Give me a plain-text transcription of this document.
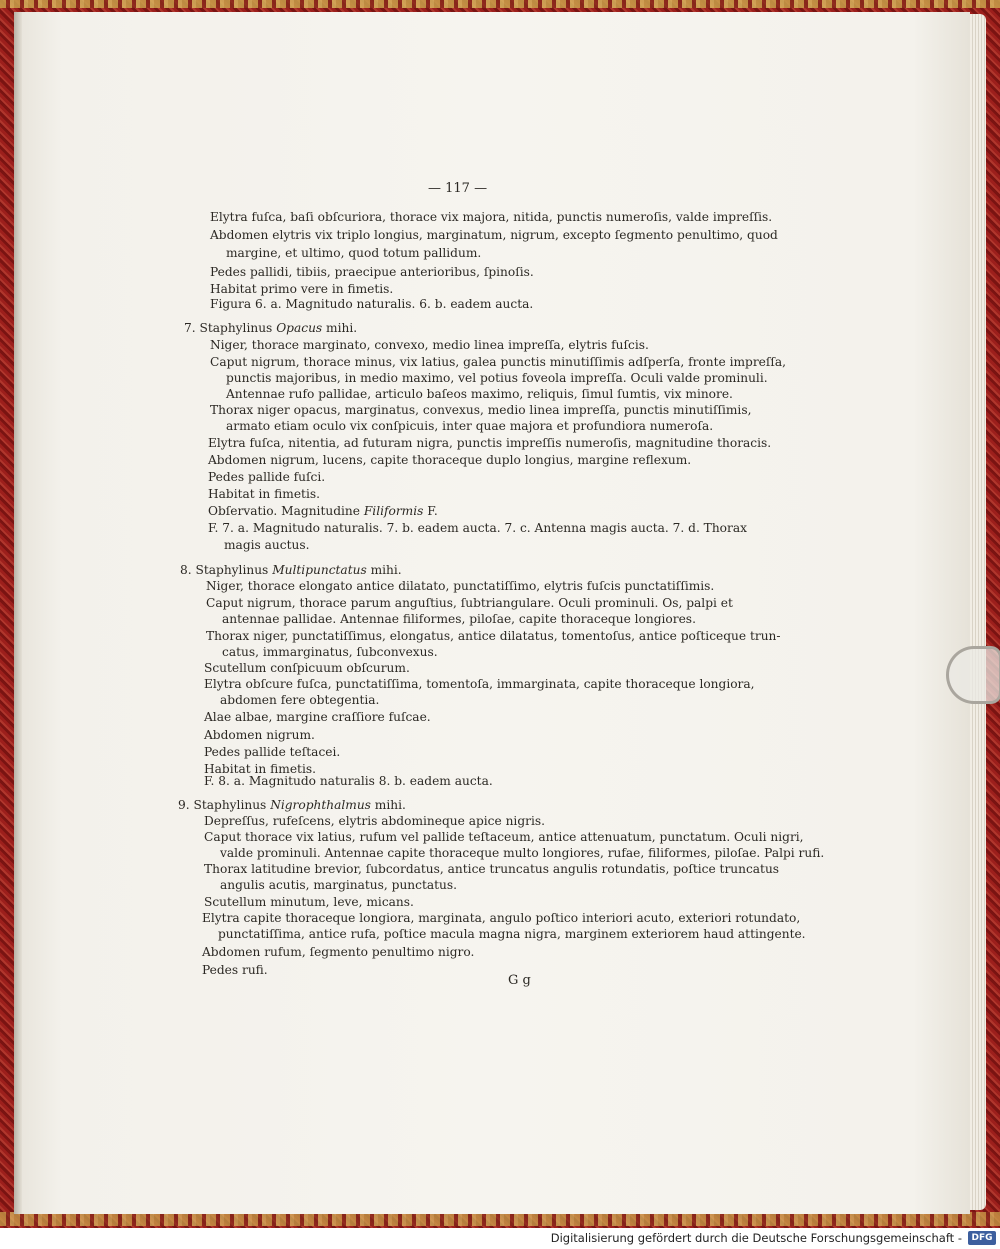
— 117 —
Elytra fuſca, baſi obſcuriora, thorace vix majora, nitida, punctis numeroſis, valde impreſſis.
Abdomen elytris vix triplo longius, marginatum, nigrum, excepto ſegmento penultimo, quod
margine, et ultimo, quod totum pallidum.
Pedes pallidi, tibiis, praecipue anterioribus, ſpinoſis.
Habitat primo vere in fimetis.
Figura 6. a. Magnitudo naturalis. 6. b. eadem aucta.
7. Staphylinus Opacus mihi.
Niger, thorace marginato, convexo, medio linea impreſſa, elytris fuſcis.
Caput nigrum, thorace minus, vix latius, galea punctis minutiſſimis adſperſa, fronte impreſſa,
punctis majoribus, in medio maximo, vel potius foveola impreſſa. Oculi valde prominuli.
Antennae rufo pallidae, articulo baſeos maximo, reliquis, ſimul ſumtis, vix minore.
Thorax niger opacus, marginatus, convexus, medio linea impreſſa, punctis minutiſſimis,
armato etiam oculo vix conſpicuis, inter quae majora et profundiora numeroſa.
Elytra fuſca, nitentia, ad futuram nigra, punctis impreſſis numeroſis, magnitudine thoracis.
Abdomen nigrum, lucens, capite thoraceque duplo longius, margine reflexum.
Pedes pallide fuſci.
Habitat in fimetis.
Obſervatio. Magnitudine Filiformis F.
F. 7. a. Magnitudo naturalis. 7. b. eadem aucta. 7. c. Antenna magis aucta. 7. d. Thorax
magis auctus.
8. Staphylinus Multipunctatus mihi.
Niger, thorace elongato antice dilatato, punctatiſſimo, elytris fuſcis punctatiſſimis.
Caput nigrum, thorace parum anguſtius, ſubtriangulare. Oculi prominuli. Os, palpi et
antennae pallidae. Antennae filiformes, piloſae, capite thoraceque longiores.
Thorax niger, punctatiſſimus, elongatus, antice dilatatus, tomentoſus, antice poſticeque trun-
catus, immarginatus, ſubconvexus.
Scutellum conſpicuum obſcurum.
Elytra obſcure fuſca, punctatiſſima, tomentoſa, immarginata, capite thoraceque longiora,
abdomen fere obtegentia.
Alae albae, margine craſſiore fuſcae.
Abdomen nigrum.
Pedes pallide teſtacei.
Habitat in fimetis.
F. 8. a. Magnitudo naturalis 8. b. eadem aucta.
9. Staphylinus Nigrophthalmus mihi.
Depreſſus, rufeſcens, elytris abdomineque apice nigris.
Caput thorace vix latius, rufum vel pallide teſtaceum, antice attenuatum, punctatum. Oculi nigri,
valde prominuli. Antennae capite thoraceque multo longiores, rufae, filiformes, piloſae. Palpi rufi.
Thorax latitudine brevior, ſubcordatus, antice truncatus angulis rotundatis, poſtice truncatus
angulis acutis, marginatus, punctatus.
Scutellum minutum, leve, micans.
Elytra capite thoraceque longiora, marginata, angulo poſtico interiori acuto, exteriori rotundato,
punctatiſſima, antice rufa, poſtice macula magna nigra, marginem exteriorem haud attingente.
Abdomen rufum, ſegmento penultimo nigro.
Pedes rufi.
G g
Digitalisierung gefördert durch die Deutsche Forschungsgemeinschaft -	DFG
